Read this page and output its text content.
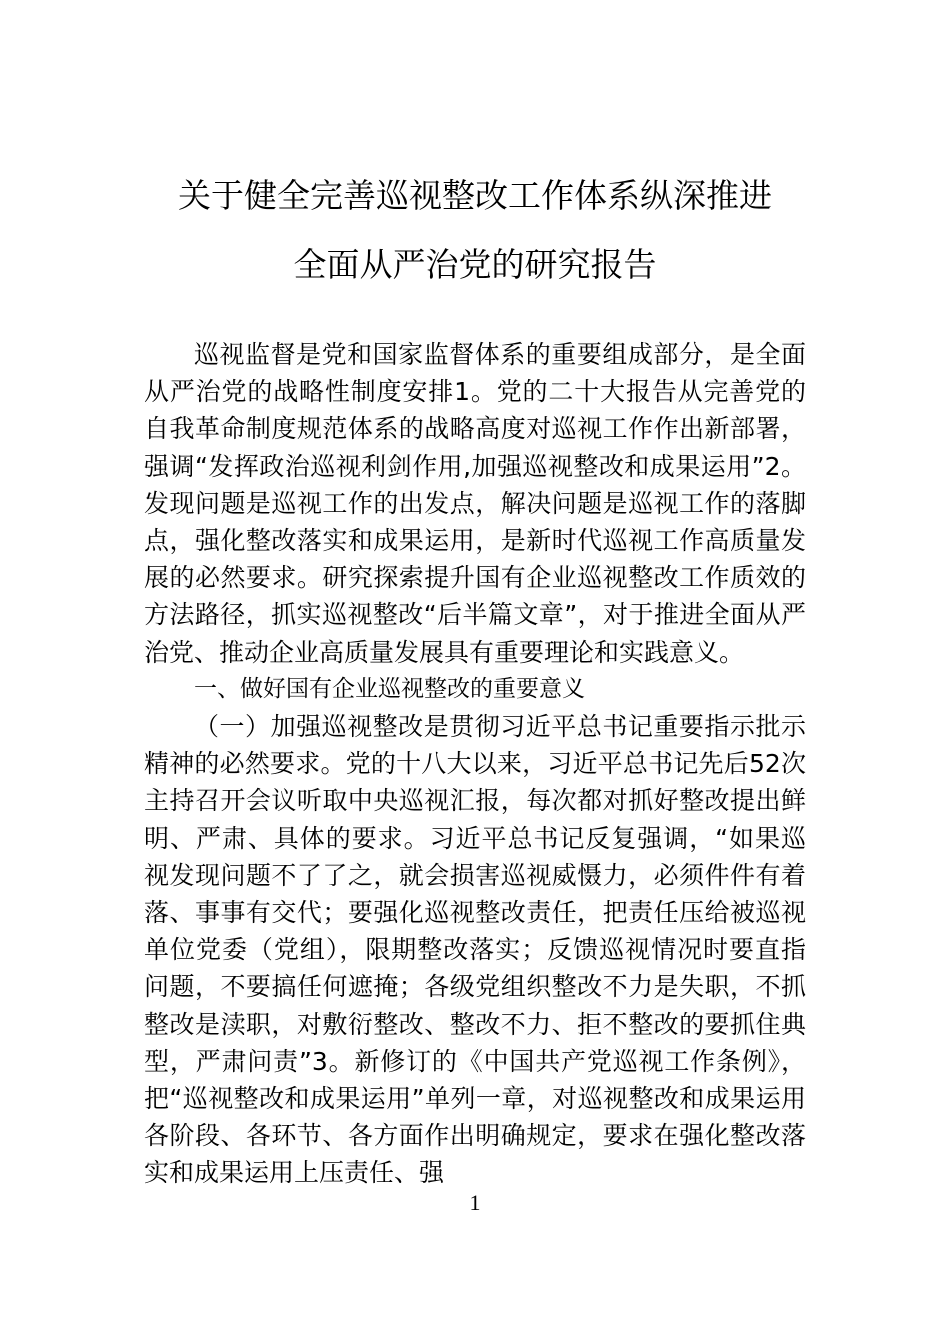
关于健全完善巡视整改工作体系纵深推进
全面从严治党的研究报告

巡视监督是党和国家监督体系的重要组成部分，是全面从严治党的战略性制度安排1。党的二十大报告从完善党的自我革命制度规范体系的战略高度对巡视工作作出新部署，强调“发挥政治巡视利剑作用,加强巡视整改和成果运用”2。发现问题是巡视工作的出发点，解决问题是巡视工作的落脚点，强化整改落实和成果运用，是新时代巡视工作高质量发展的必然要求。研究探索提升国有企业巡视整改工作质效的方法路径，抓实巡视整改“后半篇文章”，对于推进全面从严治党、推动企业高质量发展具有重要理论和实践意义。

一、做好国有企业巡视整改的重要意义

（一）加强巡视整改是贯彻习近平总书记重要指示批示精神的必然要求。党的十八大以来，习近平总书记先后52次主持召开会议听取中央巡视汇报，每次都对抓好整改提出鲜明、严肃、具体的要求。习近平总书记反复强调，“如果巡视发现问题不了了之，就会损害巡视威慑力，必须件件有着落、事事有交代；要强化巡视整改责任，把责任压给被巡视单位党委（党组），限期整改落实；反馈巡视情况时要直指问题，不要搞任何遮掩；各级党组织整改不力是失职，不抓整改是渎职，对敷衍整改、整改不力、拒不整改的要抓住典型，严肃问责”3。新修订的《中国共产党巡视工作条例》，把“巡视整改和成果运用”单列一章，对巡视整改和成果运用各阶段、各环节、各方面作出明确规定，要求在强化整改落实和成果运用上压责任、强

1
